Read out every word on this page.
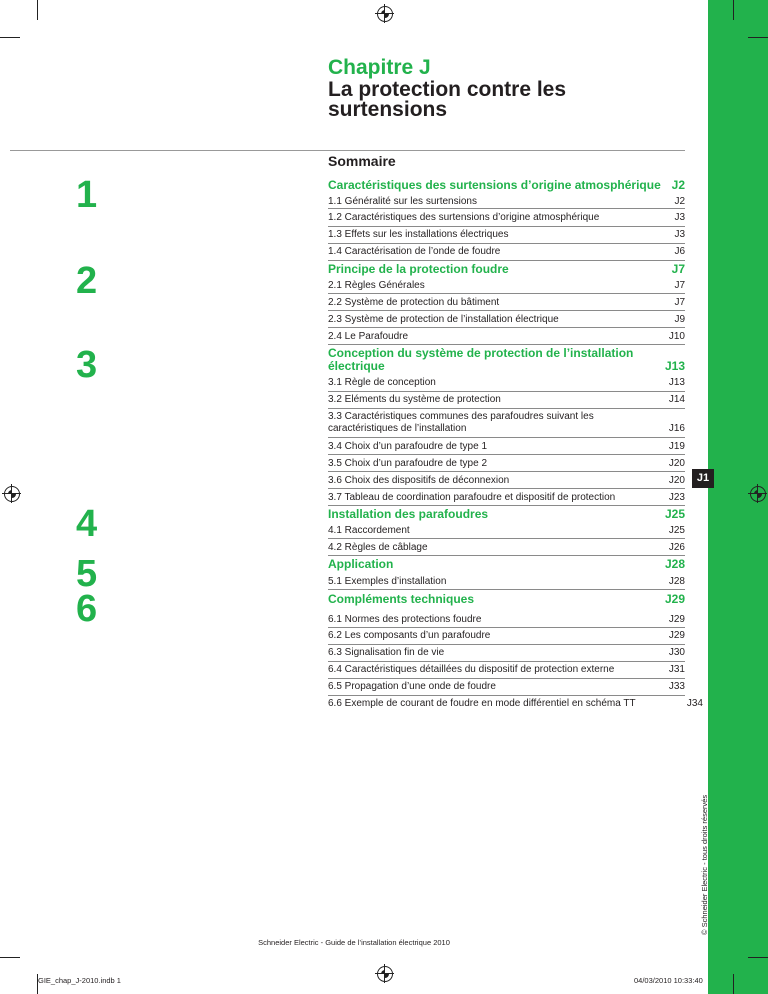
Chapitre J
La protection contre les surtensions
Sommaire
1
2
3
4
5
6
Caractéristiques des surtensions d’origine atmosphérique J2
1.1 Généralité sur les surtensions	J2
1.2 Caractéristiques des surtensions d’origine atmosphérique	J3
1.3 Effets sur les installations électriques	J3
1.4 Caractérisation de l’onde de foudre	J6
Principe de la protection foudre	J7
2.1 Règles Générales	J7
2.2 Système de protection du bâtiment	J7
2.3 Système de protection de l’installation électrique	J9
2.4 Le Parafoudre	J10
Conception du système de protection de l’installation électrique	J13
3.1 Règle de conception	J13
3.2 Eléments du système de protection	J14
3.3 Caractéristiques communes des parafoudres suivant les caractéristiques de l’installation	J16
3.4 Choix d’un parafoudre de type 1	J19
3.5 Choix d’un parafoudre de type 2	J20
3.6 Choix des dispositifs de déconnexion	J20
3.7 Tableau de coordination parafoudre et dispositif de protection	J23
Installation des parafoudres	J25
4.1 Raccordement	J25
4.2 Règles de câblage	J26
Application	J28
5.1 Exemples d’installation	J28
Compléments techniques	J29
6.1 Normes des protections foudre	J29
6.2 Les composants d’un parafoudre	J29
6.3 Signalisation fin de vie	J30
6.4 Caractéristiques détaillées du dispositif de protection externe	J31
6.5 Propagation d’une onde de foudre	J33
6.6 Exemple de courant de foudre en mode différentiel en schéma TT	J34
J1
© Schneider Electric - tous droits réservés
Schneider Electric - Guide de l’installation électrique 2010
GIE_chap_J-2010.indb 1	04/03/2010 10:33:40
